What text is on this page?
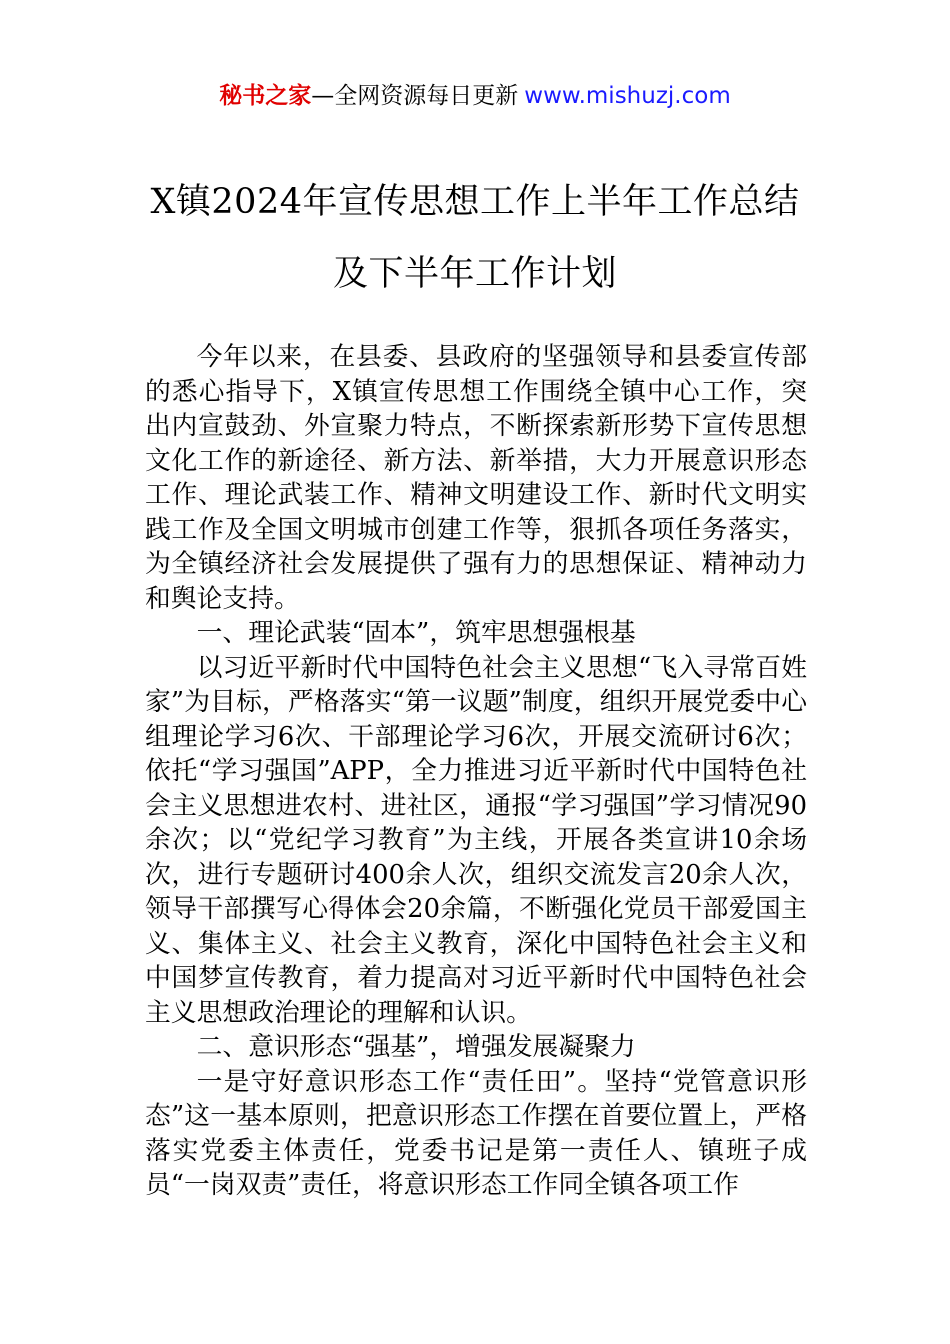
秘书之家—全网资源每日更新 www.mishuzj.com
X镇2024年宣传思想工作上半年工作总结
及下半年工作计划

今年以来，在县委、县政府的坚强领导和县委宣传部的悉心指导下，X镇宣传思想工作围绕全镇中心工作，突出内宣鼓劲、外宣聚力特点，不断探索新形势下宣传思想文化工作的新途径、新方法、新举措，大力开展意识形态工作、理论武装工作、精神文明建设工作、新时代文明实践工作及全国文明城市创建工作等，狠抓各项任务落实，为全镇经济社会发展提供了强有力的思想保证、精神动力和舆论支持。

一、理论武装“固本”，筑牢思想强根基

以习近平新时代中国特色社会主义思想“飞入寻常百姓家”为目标，严格落实“第一议题”制度，组织开展党委中心组理论学习6次、干部理论学习6次，开展交流研讨6次；依托“学习强国”APP，全力推进习近平新时代中国特色社会主义思想进农村、进社区，通报“学习强国”学习情况90余次；以“党纪学习教育”为主线，开展各类宣讲10余场次，进行专题研讨400余人次，组织交流发言20余人次，领导干部撰写心得体会20余篇，不断强化党员干部爱国主义、集体主义、社会主义教育，深化中国特色社会主义和中国梦宣传教育，着力提高对习近平新时代中国特色社会主义思想政治理论的理解和认识。

二、意识形态“强基”，增强发展凝聚力

一是守好意识形态工作“责任田”。坚持“党管意识形态”这一基本原则，把意识形态工作摆在首要位置上，严格落实党委主体责任，党委书记是第一责任人、镇班子成员“一岗双责”责任，将意识形态工作同全镇各项工作
